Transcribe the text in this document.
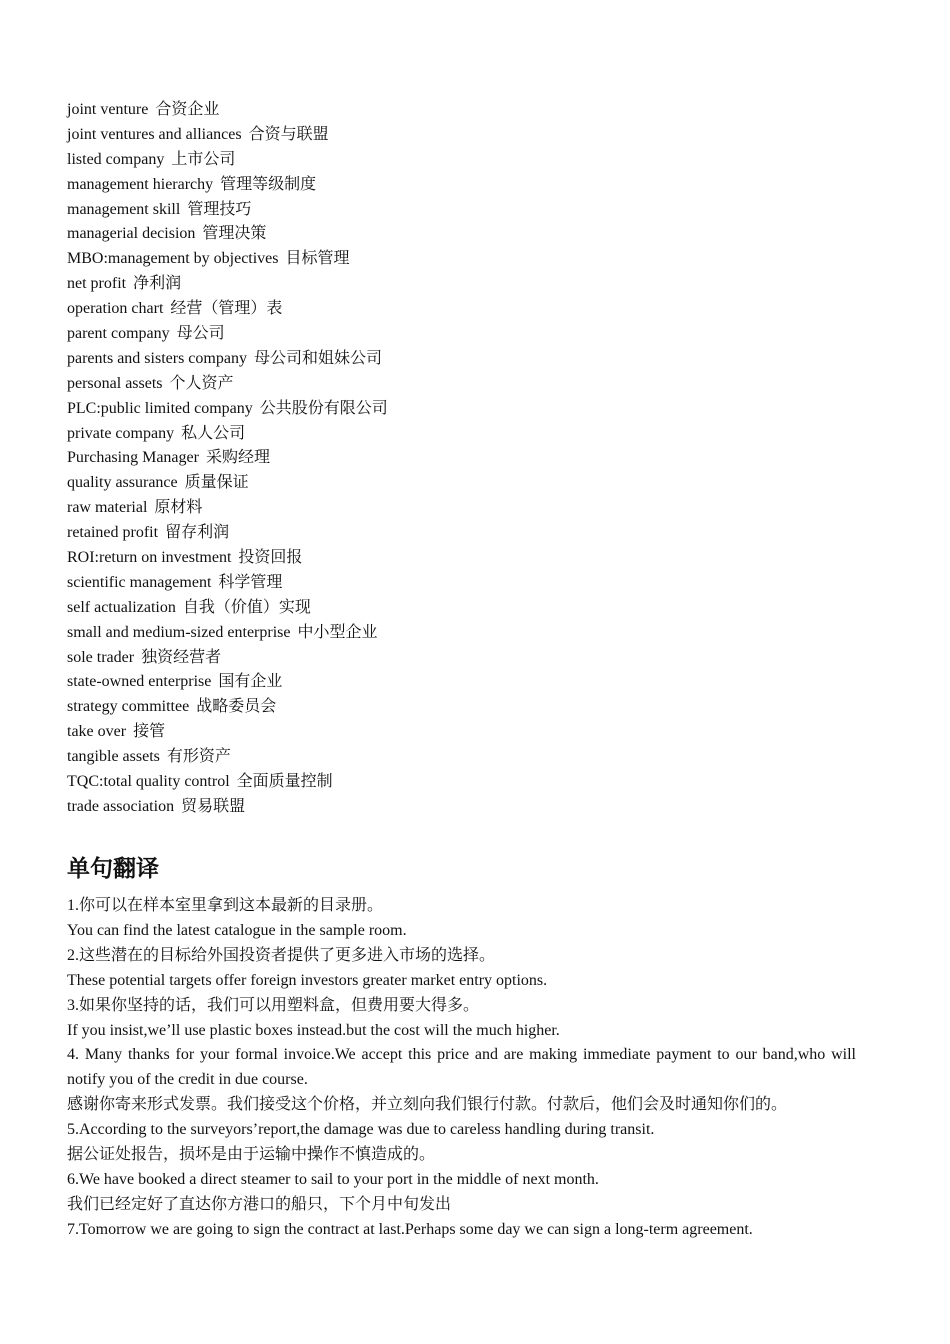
joint venture 合资企业
joint ventures and alliances 合资与联盟
listed company 上市公司
management hierarchy 管理等级制度
management skill 管理技巧
managerial decision 管理决策
MBO:management by objectives 目标管理
net profit 净利润
operation chart 经营（管理）表
parent company 母公司
parents and sisters company 母公司和姐妹公司
personal assets 个人资产
PLC:public limited company 公共股份有限公司
private company 私人公司
Purchasing Manager 采购经理
quality assurance 质量保证
raw material 原材料
retained profit 留存利润
ROI:return on investment 投资回报
scientific management 科学管理
self actualization 自我（价值）实现
small and medium-sized enterprise 中小型企业
sole trader 独资经营者
state-owned enterprise 国有企业
strategy committee 战略委员会
take over 接管
tangible assets 有形资产
TQC:total quality control 全面质量控制
trade association 贸易联盟
单句翻译
1.你可以在样本室里拿到这本最新的目录册。
You can find the latest catalogue in the sample room.
2.这些潜在的目标给外国投资者提供了更多进入市场的选择。
These potential targets offer foreign investors greater market entry options.
3.如果你坚持的话，我们可以用塑料盒，但费用要大得多。
If you insist,we’ll use plastic boxes instead.but the cost will the much higher.
4. Many thanks for your formal invoice.We accept this price and are making immediate payment to our band,who will notify you of the credit in due course.
感谢你寄来形式发票。我们接受这个价格，并立刻向我们银行付款。付款后，他们会及时通知你们的。
5.According to the surveyors’report,the damage was due to careless handling during transit.
据公证处报告，损坏是由于运输中操作不慎造成的。
6.We have booked a direct steamer to sail to your port in the middle of next month.
我们已经定好了直达你方港口的船只，下个月中旬发出
7.Tomorrow we are going to sign the contract at last.Perhaps some day we can sign a long-term agreement.
